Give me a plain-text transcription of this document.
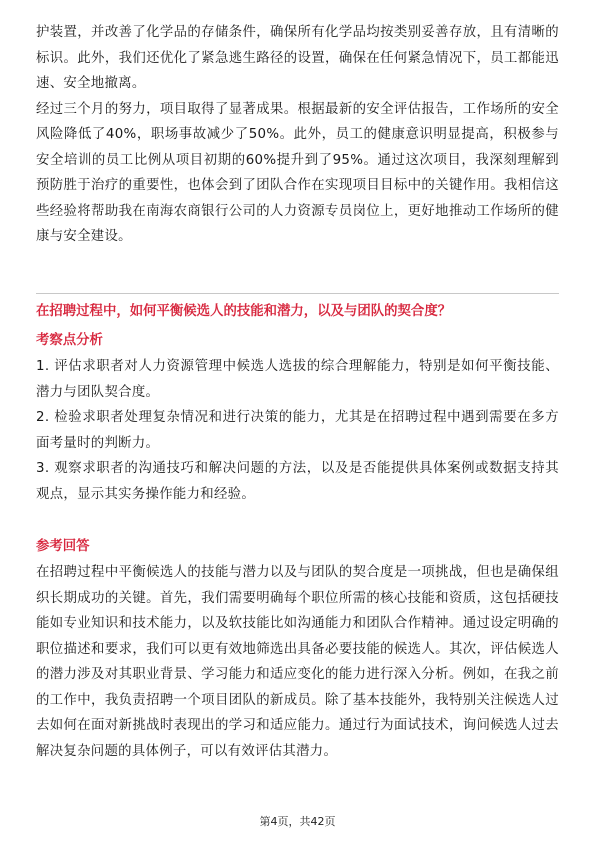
护装置，并改善了化学品的存储条件，确保所有化学品均按类别妥善存放，且有清晰的标识。此外，我们还优化了紧急逃生路径的设置，确保在任何紧急情况下，员工都能迅速、安全地撤离。

经过三个月的努力，项目取得了显著成果。根据最新的安全评估报告，工作场所的安全风险降低了40%，职场事故减少了50%。此外，员工的健康意识明显提高，积极参与安全培训的员工比例从项目初期的60%提升到了95%。通过这次项目，我深刻理解到预防胜于治疗的重要性，也体会到了团队合作在实现项目目标中的关键作用。我相信这些经验将帮助我在南海农商银行公司的人力资源专员岗位上，更好地推动工作场所的健康与安全建设。

在招聘过程中，如何平衡候选人的技能和潜力，以及与团队的契合度？
考察点分析

1. 评估求职者对人力资源管理中候选人选拔的综合理解能力，特别是如何平衡技能、潜力与团队契合度。

2. 检验求职者处理复杂情况和进行决策的能力，尤其是在招聘过程中遇到需要在多方面考量时的判断力。

3. 观察求职者的沟通技巧和解决问题的方法，以及是否能提供具体案例或数据支持其观点，显示其实务操作能力和经验。

参考回答

在招聘过程中平衡候选人的技能与潜力以及与团队的契合度是一项挑战，但也是确保组织长期成功的关键。首先，我们需要明确每个职位所需的核心技能和资质，这包括硬技能如专业知识和技术能力，以及软技能比如沟通能力和团队合作精神。通过设定明确的职位描述和要求，我们可以更有效地筛选出具备必要技能的候选人。其次，评估候选人的潜力涉及对其职业背景、学习能力和适应变化的能力进行深入分析。例如，在我之前的工作中，我负责招聘一个项目团队的新成员。除了基本技能外，我特别关注候选人过去如何在面对新挑战时表现出的学习和适应能力。通过行为面试技术，询问候选人过去解决复杂问题的具体例子，可以有效评估其潜力。

第4页，共42页
